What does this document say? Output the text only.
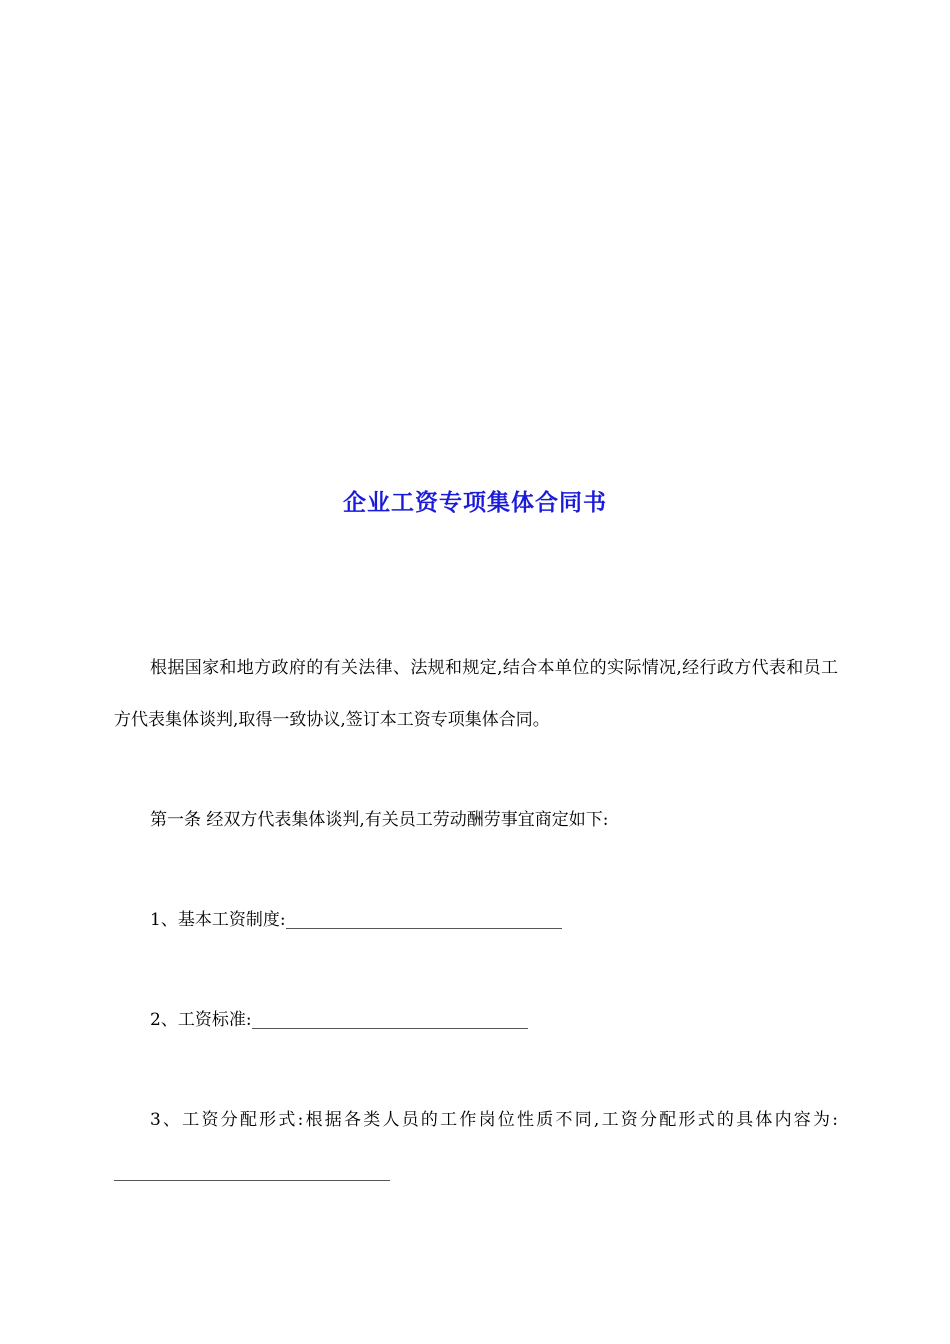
企业工资专项集体合同书
根据国家和地方政府的有关法律、法规和规定,结合本单位的实际情况,经行政方代表和员工方代表集体谈判,取得一致协议,签订本工资专项集体合同。
第一条 经双方代表集体谈判,有关员工劳动酬劳事宜商定如下:
1、基本工资制度:
2、工资标准:
3、工资分配形式:根据各类人员的工作岗位性质不同,工资分配形式的具体内容为:
